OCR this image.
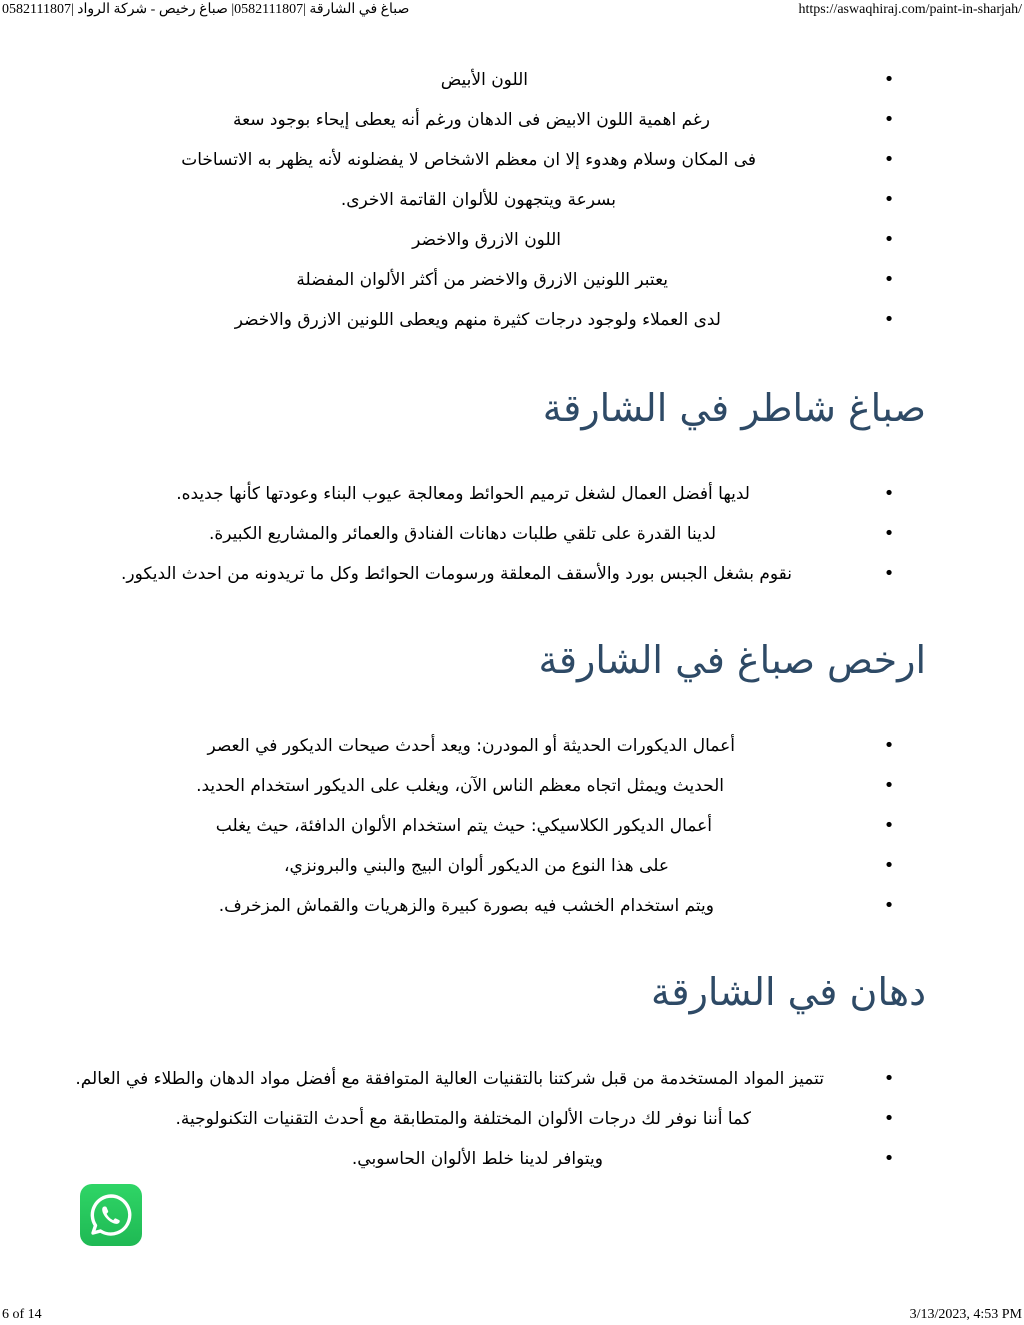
صباغ في الشارقة |0582111807| صباغ رخيص - شركة الرواد |0582111807	https://aswaqhiraj.com/paint-in-sharjah/
•
اللون الأبيض
•
رغم اهمية اللون الابيض فى الدهان ورغم أنه يعطى إيحاء بوجود سعة
•
فى المكان وسلام وهدوء إلا ان معظم الاشخاص لا يفضلونه لأنه يظهر به الاتساخات
•
بسرعة ويتجهون للألوان القاتمة الاخرى.
•
اللون الازرق والاخضر
•
يعتبر اللونين الازرق والاخضر من أكثر الألوان المفضلة
•
لدى العملاء ولوجود درجات كثيرة منهم ويعطى اللونين الازرق والاخضر
صباغ شاطر في الشارقة
•
لديها أفضل العمال لشغل ترميم الحوائط ومعالجة عيوب البناء وعودتها كأنها جديده.
•
لدينا القدرة على تلقي طلبات دهانات الفنادق والعمائر والمشاريع الكبيرة.
•
نقوم بشغل الجبس بورد والأسقف المعلقة ورسومات الحوائط وكل ما تريدونه من احدث الديكور.
ارخص صباغ في الشارقة
•
أعمال الديكورات الحديثة أو المودرن: ويعد أحدث صيحات الديكور في العصر
•
الحديث ويمثل اتجاه معظم الناس الآن، ويغلب على الديكور استخدام الحديد.
•
أعمال الديكور الكلاسيكي: حيث يتم استخدام الألوان الدافئة، حيث يغلب
•
على هذا النوع من الديكور ألوان البيج والبني والبرونزي،
•
ويتم استخدام الخشب فيه بصورة كبيرة والزهريات والقماش المزخرف.
دهان في الشارقة
•
تتميز المواد المستخدمة من قبل شركتنا بالتقنيات العالية المتوافقة مع أفضل مواد الدهان والطلاء في العالم.
•
كما أننا نوفر لك درجات الألوان المختلفة والمتطابقة مع أحدث التقنيات التكنولوجية.
•
ويتوافر لدينا خلط الألوان الحاسوبي.
6 of 14	3/13/2023, 4:53 PM
